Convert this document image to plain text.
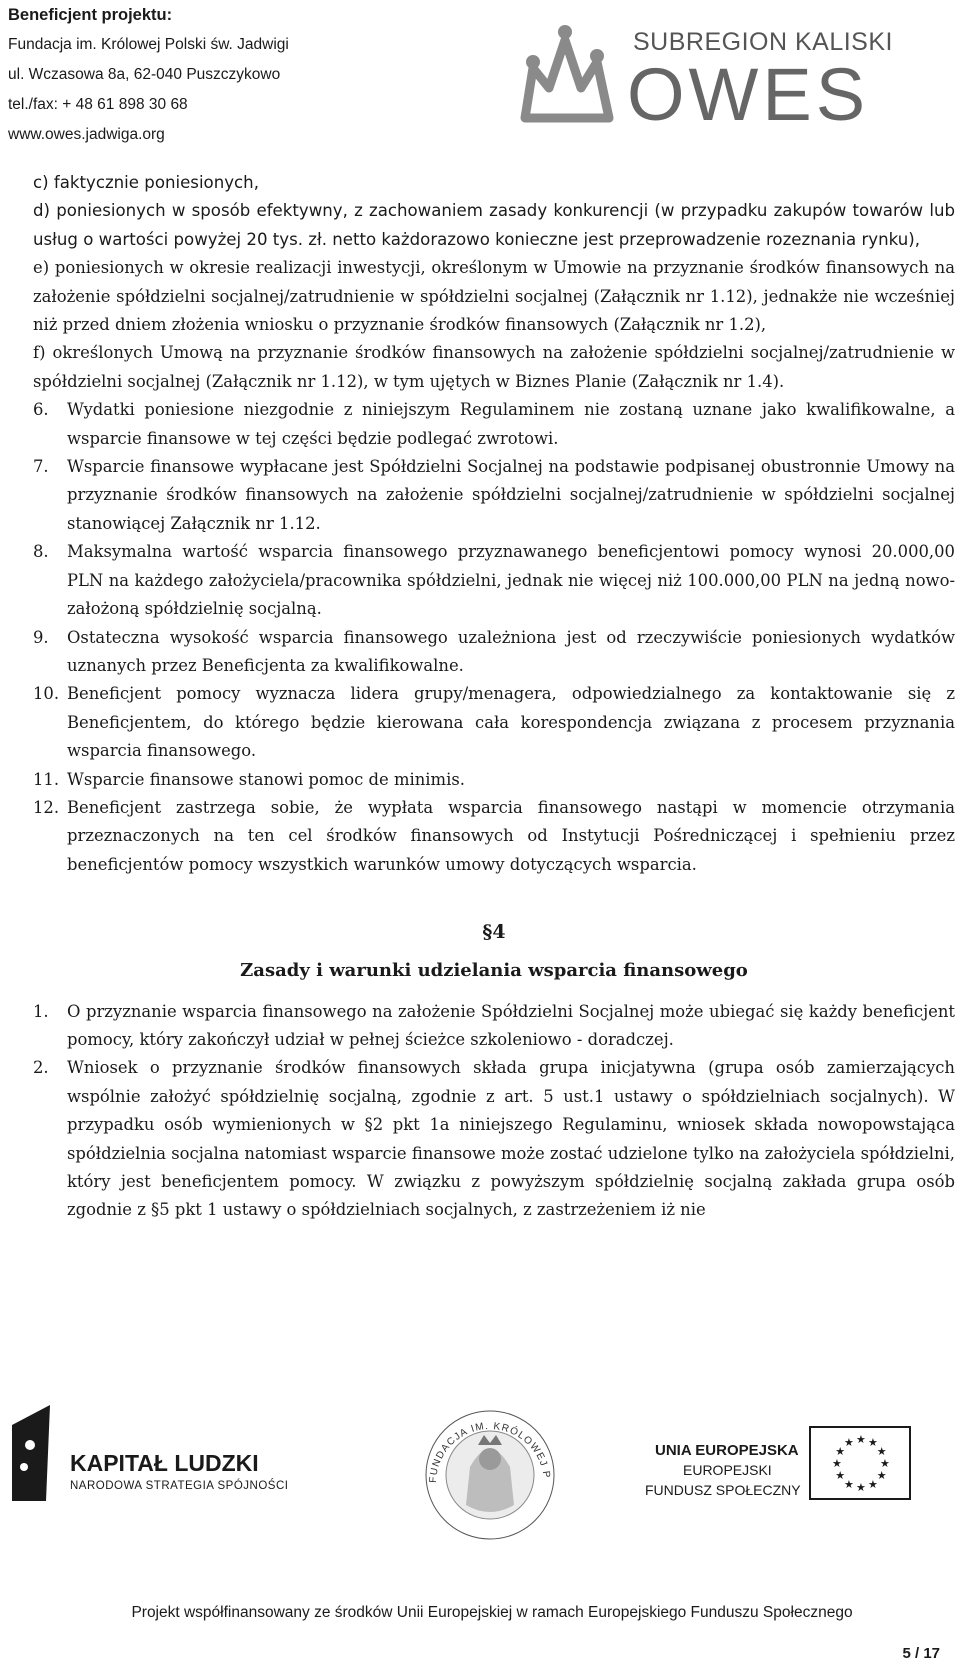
Beneficjent projektu:
Fundacja im. Królowej Polski św. Jadwigi
ul. Wczasowa 8a, 62-040 Puszczykowo
tel./fax: + 48 61 898 30 68
www.owes.jadwiga.org
SUBREGION KALISKI
OWES
c) faktycznie poniesionych,
d) poniesionych w sposób efektywny, z zachowaniem zasady konkurencji (w przypadku zakupów towarów lub usług o wartości powyżej 20 tys. zł. netto każdorazowo konieczne jest przeprowadzenie rozeznania rynku),
e) poniesionych w okresie realizacji inwestycji, określonym w Umowie na przyznanie środków finansowych na założenie spółdzielni socjalnej/zatrudnienie w spółdzielni socjalnej (Załącznik nr 1.12), jednakże nie wcześniej niż przed dniem złożenia wniosku o przyznanie środków finansowych (Załącznik nr 1.2),
f) określonych Umową na przyznanie środków finansowych na założenie spółdzielni socjalnej/zatrudnienie w spółdzielni socjalnej (Załącznik nr 1.12), w tym ujętych w Biznes Planie (Załącznik nr 1.4).
6.	Wydatki poniesione niezgodnie z niniejszym Regulaminem nie zostaną uznane jako kwalifikowalne, a wsparcie finansowe w tej części będzie podlegać zwrotowi.
7.	Wsparcie finansowe wypłacane jest Spółdzielni Socjalnej na podstawie podpisanej obustronnie Umowy na przyznanie środków finansowych na założenie spółdzielni socjalnej/zatrudnienie w spółdzielni socjalnej stanowiącej Załącznik nr 1.12.
8.	Maksymalna wartość wsparcia finansowego przyznawanego beneficjentowi pomocy wynosi 20.000,00 PLN na każdego założyciela/pracownika spółdzielni, jednak nie więcej niż 100.000,00 PLN na jedną nowo-założoną spółdzielnię socjalną.
9.	Ostateczna wysokość wsparcia finansowego uzależniona jest od rzeczywiście poniesionych wydatków uznanych przez Beneficjenta za kwalifikowalne.
10. Beneficjent pomocy wyznacza lidera grupy/menagera, odpowiedzialnego za kontaktowanie się z Beneficjentem, do którego będzie kierowana cała korespondencja związana z procesem przyznania wsparcia finansowego.
11. Wsparcie finansowe stanowi pomoc de minimis.
12. Beneficjent zastrzega sobie, że wypłata wsparcia finansowego nastąpi w momencie otrzymania przeznaczonych na ten cel środków finansowych od Instytucji Pośredniczącej i spełnieniu przez beneficjentów pomocy wszystkich warunków umowy dotyczących wsparcia.
§4
Zasady i warunki udzielania wsparcia finansowego
1.	O przyznanie wsparcia finansowego na założenie Spółdzielni Socjalnej może ubiegać się każdy beneficjent pomocy, który zakończył udział w pełnej ścieżce szkoleniowo - doradczej.
2.	Wniosek o przyznanie środków finansowych składa grupa inicjatywna (grupa osób zamierzających wspólnie założyć spółdzielnię socjalną, zgodnie z art. 5 ust.1 ustawy o spółdzielniach socjalnych). W przypadku osób wymienionych w §2 pkt 1a niniejszego Regulaminu, wniosek składa nowopowstająca spółdzielnia socjalna natomiast wsparcie finansowe może zostać udzielone tylko na założyciela spółdzielni, który jest beneficjentem pomocy. W związku z powyższym spółdzielnię socjalną zakłada grupa osób zgodnie z §5 pkt 1 ustawy o spółdzielniach socjalnych, z zastrzeżeniem iż nie
KAPITAŁ LUDZKI
NARODOWA STRATEGIA SPÓJNOŚCI
FUNDACJA IM. KRÓLOWEJ P
UNIA EUROPEJSKA
EUROPEJSKI
FUNDUSZ SPOŁECZNY
★
★
★
★
★
★
★
★
★ ★ ★
★
Projekt współfinansowany ze środków Unii Europejskiej w ramach Europejskiego Funduszu Społecznego
5 / 17
